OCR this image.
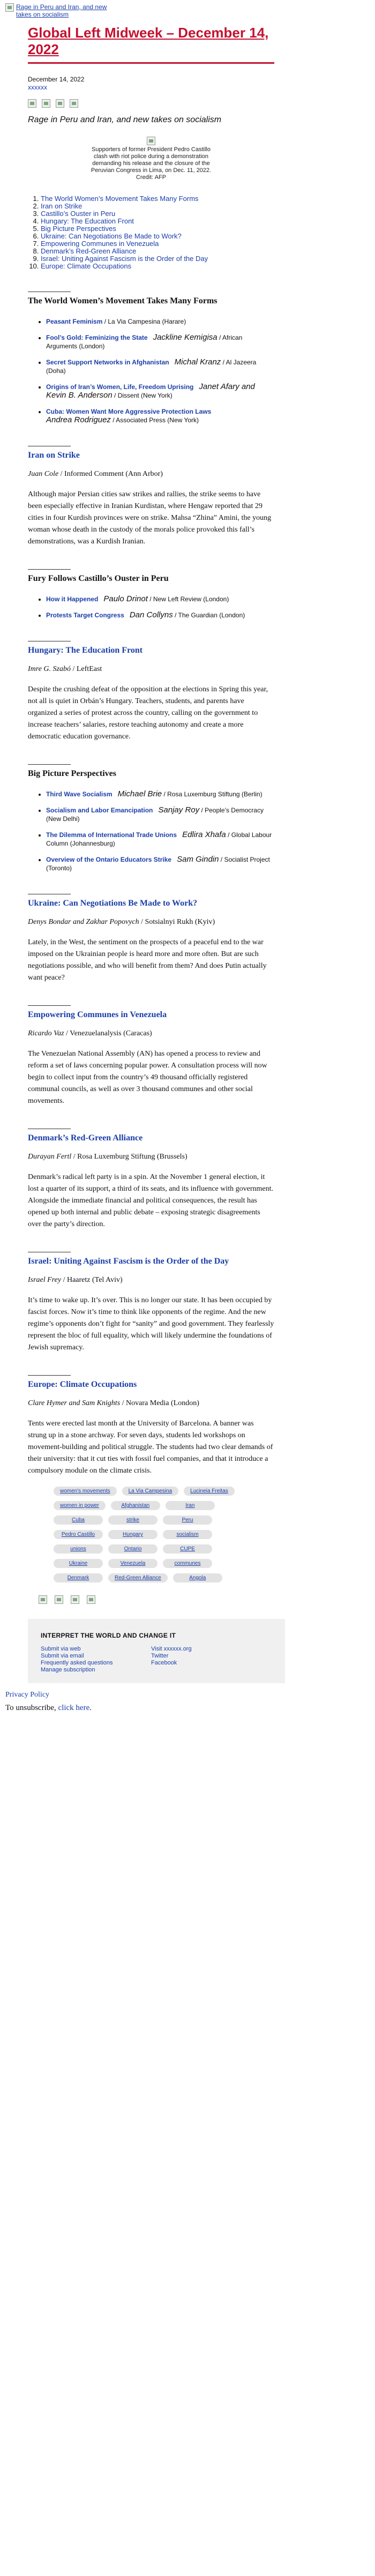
Rage in Peru and Iran, and new takes on socialism
Global Left Midweek – December 14, 2022
December 14, 2022
xxxxxx
Rage in Peru and Iran, and new takes on socialism
Supporters of former President Pedro Castillo clash with riot police during a demonstration demanding his release and the closure of the Peruvian Congress in Lima, on Dec. 11, 2022. Credit: AFP
1. The World Women’s Movement Takes Many Forms
2. Iran on Strike
3. Castillo’s Ouster in Peru
4. Hungary: The Education Front
5. Big Picture Perspectives
6. Ukraine: Can Negotiations Be Made to Work?
7. Empowering Communes in Venezuela
8. Denmark’s Red-Green Alliance
9. Israel: Uniting Against Fascism is the Order of the Day
10. Europe: Climate Occupations
The World Women’s Movement Takes Many Forms
• Peasant Feminism / La Via Campesina (Harare)
• Fool’s Gold: Feminizing the State Jackline Kemigisa / African Arguments (London)
• Secret Support Networks in Afghanistan Michal Kranz / Al Jazeera (Doha)
• Origins of Iran’s Women, Life, Freedom Uprising Janet Afary and Kevin B. Anderson / Dissent (New York)
• Cuba: Women Want More Aggressive Protection Laws
Andrea Rodriguez / Associated Press (New York)
Iran on Strike
Juan Cole / Informed Comment (Ann Arbor)

Although major Persian cities saw strikes and rallies, the strike seems to have been especially effective in Iranian Kurdistan, where Hengaw reported that 29 cities in four Kurdish provinces were on strike. Mahsa “Zhina” Amini, the young woman whose death in the custody of the morals police provoked this fall’s demonstrations, was a Kurdish Iranian.

Fury Follows Castillo’s Ouster in Peru
• How it Happened Paulo Drinot / New Left Review (London)
• Protests Target Congress Dan Collyns / The Guardian (London)
Hungary: The Education Front
Imre G. Szabó / LeftEast

Despite the crushing defeat of the opposition at the elections in Spring this year, not all is quiet in Orbán’s Hungary. Teachers, students, and parents have organized a series of protest across the country, calling on the government to increase teachers’ salaries, restore teaching autonomy and create a more democratic education governance.

Big Picture Perspectives
• Third Wave Socialism Michael Brie / Rosa Luxemburg Stiftung (Berlin)
• Socialism and Labor Emancipation Sanjay Roy / People’s Democracy (New Delhi)
• The Dilemma of International Trade Unions Edlira Xhafa / Global Labour Column (Johannesburg)
• Overview of the Ontario Educators Strike Sam Gindin / Socialist Project (Toronto)
Ukraine: Can Negotiations Be Made to Work?
Denys Bondar and Zakhar Popovych / Sotsialnyi Rukh (Kyiv)

Lately, in the West, the sentiment on the prospects of a peaceful end to the war imposed on the Ukrainian people is heard more and more often. But are such negotiations possible, and who will benefit from them? And does Putin actually want peace?

Empowering Communes in Venezuela
Ricardo Vaz / Venezuelanalysis (Caracas)

The Venezuelan National Assembly (AN) has opened a process to review and reform a set of laws concerning popular power. A consultation process will now begin to collect input from the country’s 49 thousand officially registered communal councils, as well as over 3 thousand communes and other social movements.

Denmark’s Red-Green Alliance
Durayan Fertl / Rosa Luxemburg Stiftung (Brussels)

Denmark’s radical left party is in a spin. At the November 1 general election, it lost a quarter of its support, a third of its seats, and its influence with government. Alongside the immediate financial and political consequences, the result has opened up both internal and public debate – exposing strategic disagreements over the party’s direction.

Israel: Uniting Against Fascism is the Order of the Day
Israel Frey / Haaretz (Tel Aviv)

It’s time to wake up. It’s over. This is no longer our state. It has been occupied by fascist forces. Now it’s time to think like opponents of the regime. And the new regime’s opponents don’t fight for “sanity” and good government. They fearlessly represent the bloc of full equality, which will likely undermine the foundations of Jewish supremacy.

Europe: Climate Occupations
Clare Hymer and Sam Knights / Novara Media (London)

Tents were erected last month at the University of Barcelona. A banner was strung up in a stone archway. For seven days, students led workshops on movement-building and political struggle. The students had two clear demands of their university: that it cut ties with fossil fuel companies, and that it introduce a compulsory module on the climate crisis.

women's movements	La Via Campesina	Lucineia Freitas
women in power	Afghanistan	Iran
Cuba	strike	Peru
Pedro Castillo	Hungary	socialism
unions	Ontario	CUPE
Ukraine	Venezuela	communes
Denmark	Red-Green Alliance	Angola
INTERPRET THE WORLD AND CHANGE IT
Submit via web
Submit via email
Frequently asked questions
Manage subscription
Visit xxxxxx.org
Twitter
Facebook
Privacy Policy
To unsubscribe, click here.
